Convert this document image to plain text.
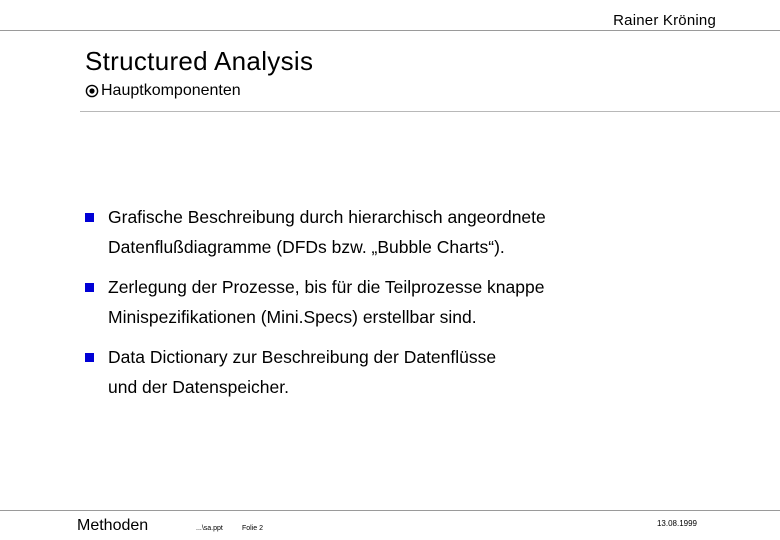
Rainer Kröning
Structured Analysis
Hauptkomponenten
Grafische Beschreibung durch hierarchisch angeordnete
Datenflußdiagramme (DFDs bzw. „Bubble Charts“).
Zerlegung der Prozesse, bis für die Teilprozesse knappe
Minispezifikationen (Mini.Specs) erstellbar sind.
Data Dictionary zur Beschreibung der Datenflüsse
und der Datenspeicher.
Methoden	...\sa.ppt	Folie 2
13.08.1999
